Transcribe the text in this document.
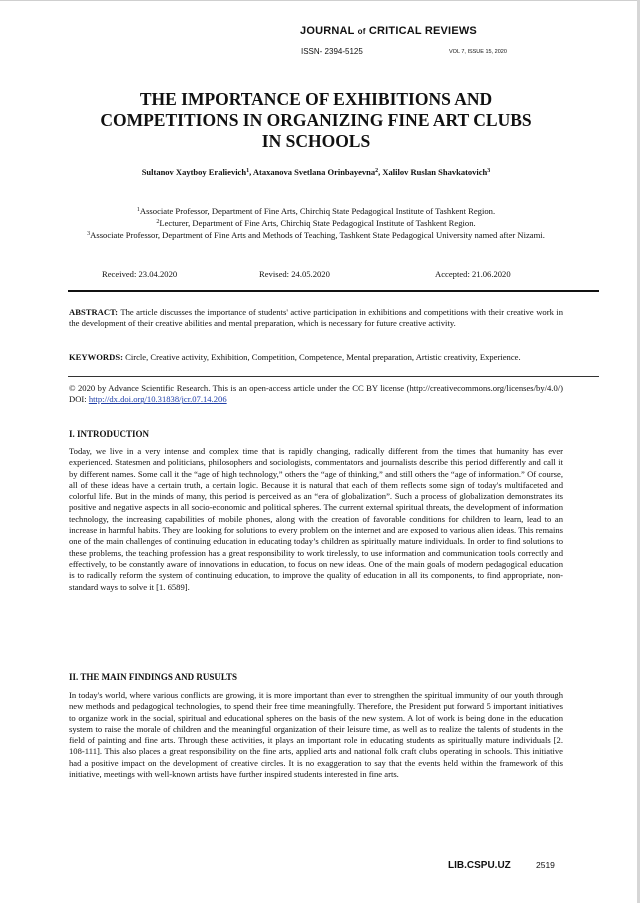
JOURNAL of CRITICAL REVIEWS
ISSN- 2394-5125	VOL 7, ISSUE 15, 2020
THE IMPORTANCE OF EXHIBITIONS AND
COMPETITIONS IN ORGANIZING FINE ART CLUBS
IN SCHOOLS
Sultanov Xaytboy Eralievich$^1$, Ataxanova Svetlana Orinbayevna$^2$, Xalilov Ruslan Shavkatovich$^3$
$^1$Associate Professor, Department of Fine Arts, Chirchiq State Pedagogical Institute of Tashkent Region.
$^2$Lecturer, Department of Fine Arts, Chirchiq State Pedagogical Institute of Tashkent Region.
$^3$Associate Professor, Department of Fine Arts and Methods of Teaching, Tashkent State Pedagogical University named after Nizami.
Received: 23.04.2020	Revised: 24.05.2020	Accepted: 21.06.2020
ABSTRACT: The article discusses the importance of students' active participation in exhibitions and competitions with their creative work in the development of their creative abilities and mental preparation, which is necessary for future creative activity.
KEYWORDS: Circle, Creative activity, Exhibition, Competition, Competence, Mental preparation, Artistic creativity, Experience.
© 2020 by Advance Scientific Research. This is an open-access article under the CC BY license (http://creativecommons.org/licenses/by/4.0/) DOI: http://dx.doi.org/10.31838/jcr.07.14.206
I. INTRODUCTION
Today, we live in a very intense and complex time that is rapidly changing, radically different from the times that humanity has ever experienced. Statesmen and politicians, philosophers and sociologists, commentators and journalists describe this period differently and call it by different names. Some call it the “age of high technology,” others the “age of thinking,” and still others the “age of information.” Of course, all of these ideas have a certain truth, a certain logic. Because it is natural that each of them reflects some sign of today's multifaceted and colorful life. But in the minds of many, this period is perceived as an “era of globalization”. Such a process of globalization demonstrates its positive and negative aspects in all socio-economic and political spheres. The current external spiritual threats, the development of information technology, the increasing capabilities of mobile phones, along with the creation of favorable conditions for children to learn, lead to an increase in harmful habits. They are looking for solutions to every problem on the internet and are exposed to various alien ideas. This remains one of the main challenges of continuing education in educating today’s children as spiritually mature individuals. In order to find solutions to these problems, the teaching profession has a great responsibility to work tirelessly, to use information and communication tools correctly and effectively, to be constantly aware of innovations in education, to focus on new ideas. One of the main goals of modern pedagogical education is to radically reform the system of continuing education, to improve the quality of education in all its components, to find appropriate, non-standard ways to solve it [1. 6589].
II. THE MAIN FINDINGS AND RUSULTS
In today's world, where various conflicts are growing, it is more important than ever to strengthen the spiritual immunity of our youth through new methods and pedagogical technologies, to spend their free time meaningfully. Therefore, the President put forward 5 important initiatives to organize work in the social, spiritual and educational spheres on the basis of the new system. A lot of work is being done in the education system to raise the morale of children and the meaningful organization of their leisure time, as well as to realize the talents of students in the field of painting and fine arts. Through these activities, it plays an important role in educating students as spiritually mature individuals [2. 108-111]. This also places a great responsibility on the fine arts, applied arts and national folk craft clubs operating in schools. This initiative had a positive impact on the development of creative circles. It is no exaggeration to say that the events held within the framework of this initiative, meetings with well-known artists have further inspired students interested in fine arts.
LIB.CSPU.UZ	2519
